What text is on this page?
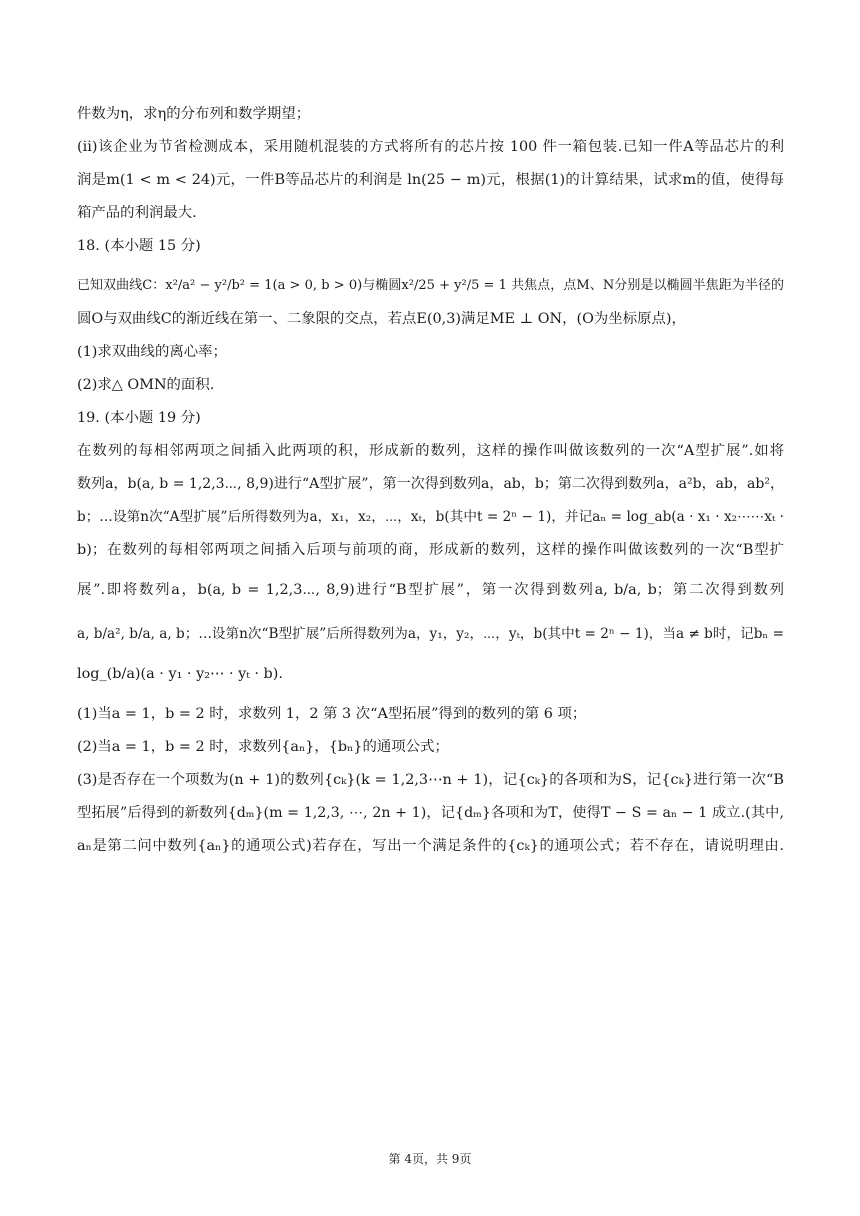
件数为η，求η的分布列和数学期望；

(ii)该企业为节省检测成本，采用随机混装的方式将所有的芯片按 100 件一箱包装.已知一件A等品芯片的利

润是m(1 < m < 24)元，一件B等品芯片的利润是 ln(25 − m)元，根据(1)的计算结果，试求m的值，使得每

箱产品的利润最大.

18. (本小题 15 分)

已知双曲线C：x²/a² − y²/b² = 1(a > 0, b > 0)与椭圆x²/25 + y²/5 = 1 共焦点，点M、N分别是以椭圆半焦距为半径的

圆O与双曲线C的渐近线在第一、二象限的交点，若点E(0,3)满足ME ⊥ ON，(O为坐标原点)，

(1)求双曲线的离心率；

(2)求△ OMN的面积.

19. (本小题 19 分)

在数列的每相邻两项之间插入此两项的积，形成新的数列，这样的操作叫做该数列的一次“A型扩展”.如将

数列a，b(a, b = 1,2,3⋯, 8,9)进行“A型扩展”，第一次得到数列a，ab，b；第二次得到数列a，a²b，ab，ab²，

b；…设第n次“A型扩展”后所得数列为a，x₁，x₂，⋯，xₜ，b(其中t = 2ⁿ − 1)，并记aₙ = log_ab(a · x₁ · x₂⋯⋯xₜ ·

b)；在数列的每相邻两项之间插入后项与前项的商，形成新的数列，这样的操作叫做该数列的一次“B型扩

展”.即将数列a，b(a, b = 1,2,3⋯, 8,9)进行“B型扩展”，第一次得到数列a, b/a, b；第二次得到数列

a, b/a², b/a, a, b；…设第n次“B型扩展”后所得数列为a，y₁，y₂，⋯，yₜ，b(其中t = 2ⁿ − 1)，当a ≠ b时，记bₙ =

log_(b/a)(a · y₁ · y₂⋯ · yₜ · b).

(1)当a = 1，b = 2 时，求数列 1，2 第 3 次“A型拓展”得到的数列的第 6 项；

(2)当a = 1，b = 2 时，求数列{aₙ}，{bₙ}的通项公式；

(3)是否存在一个项数为(n + 1)的数列{cₖ}(k = 1,2,3⋯n + 1)，记{cₖ}的各项和为S，记{cₖ}进行第一次“B

型拓展”后得到的新数列{dₘ}(m = 1,2,3, ⋯, 2n + 1)，记{dₘ}各项和为T，使得T − S = aₙ − 1 成立.(其中,

aₙ是第二问中数列{aₙ}的通项公式)若存在，写出一个满足条件的{cₖ}的通项公式；若不存在，请说明理由.

第 4页，共 9页
